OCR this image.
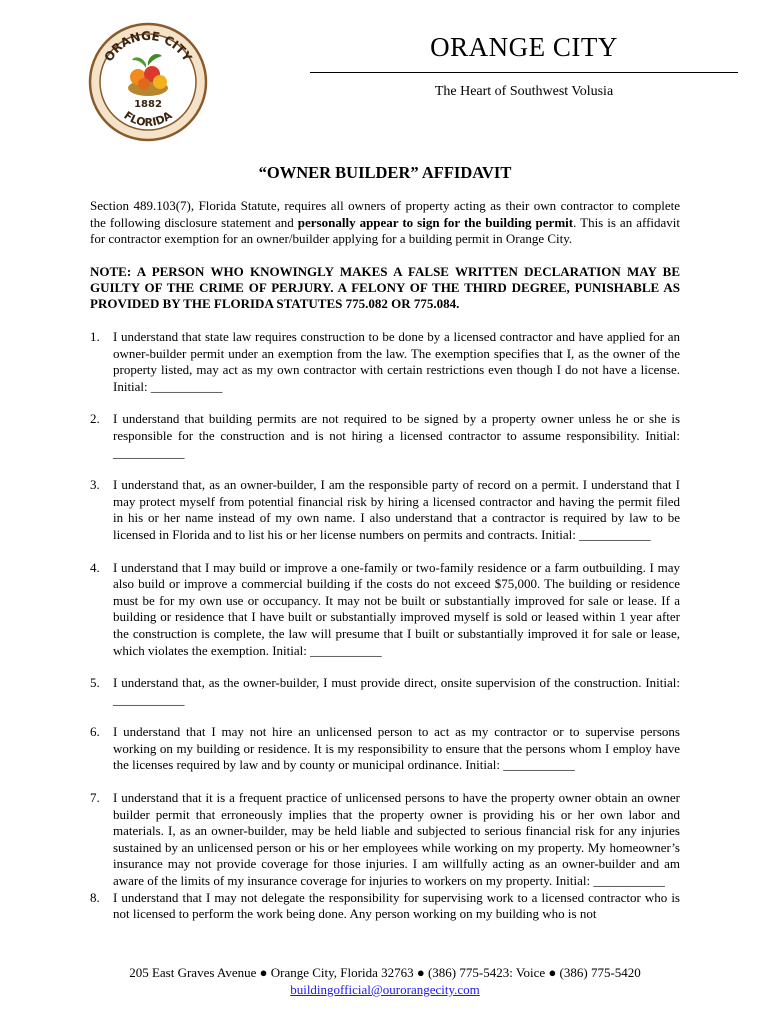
ORANGE CITY
FLORIDA
1882
ORANGE CITY
The Heart of Southwest Volusia
“OWNER BUILDER” AFFIDAVIT

Section 489.103(7), Florida Statute, requires all owners of property acting as their own contractor to complete the following disclosure statement and personally appear to sign for the building permit. This is an affidavit for contractor exemption for an owner/builder applying for a building permit in Orange City.

NOTE: A PERSON WHO KNOWINGLY MAKES A FALSE WRITTEN DECLARATION MAY BE GUILTY OF THE CRIME OF PERJURY. A FELONY OF THE THIRD DEGREE, PUNISHABLE AS PROVIDED BY THE FLORIDA STATUTES 775.082 OR 775.084.

1.	I understand that state law requires construction to be done by a licensed contractor and have applied for an owner-builder permit under an exemption from the law. The exemption specifies that I, as the owner of the property listed, may act as my own contractor with certain restrictions even though I do not have a license. Initial: ___________
2.	I understand that building permits are not required to be signed by a property owner unless he or she is responsible for the construction and is not hiring a licensed contractor to assume responsibility. Initial: ___________
3.	I understand that, as an owner-builder, I am the responsible party of record on a permit. I understand that I may protect myself from potential financial risk by hiring a licensed contractor and having the permit filed in his or her name instead of my own name. I also understand that a contractor is required by law to be licensed in Florida and to list his or her license numbers on permits and contracts. Initial: ___________
4.	I understand that I may build or improve a one-family or two-family residence or a farm outbuilding. I may also build or improve a commercial building if the costs do not exceed $75,000. The building or residence must be for my own use or occupancy. It may not be built or substantially improved for sale or lease. If a building or residence that I have built or substantially improved myself is sold or leased within 1 year after the construction is complete, the law will presume that I built or substantially improved it for sale or lease, which violates the exemption. Initial: ___________
5.	I understand that, as the owner-builder, I must provide direct, onsite supervision of the construction. Initial: ___________
6.	I understand that I may not hire an unlicensed person to act as my contractor or to supervise persons working on my building or residence. It is my responsibility to ensure that the persons whom I employ have the licenses required by law and by county or municipal ordinance. Initial: ___________
7.	I understand that it is a frequent practice of unlicensed persons to have the property owner obtain an owner builder permit that erroneously implies that the property owner is providing his or her own labor and materials. I, as an owner-builder, may be held liable and subjected to serious financial risk for any injuries sustained by an unlicensed person or his or her employees while working on my property. My homeowner’s insurance may not provide coverage for those injuries. I am willfully acting as an owner-builder and am aware of the limits of my insurance coverage for injuries to workers on my property. Initial: ___________
8.	I understand that I may not delegate the responsibility for supervising work to a licensed contractor who is not licensed to perform the work being done. Any person working on my building who is not
205 East Graves Avenue ● Orange City, Florida 32763 ● (386) 775-5423: Voice ● (386) 775-5420
buildingofficial@ourorangecity.com
